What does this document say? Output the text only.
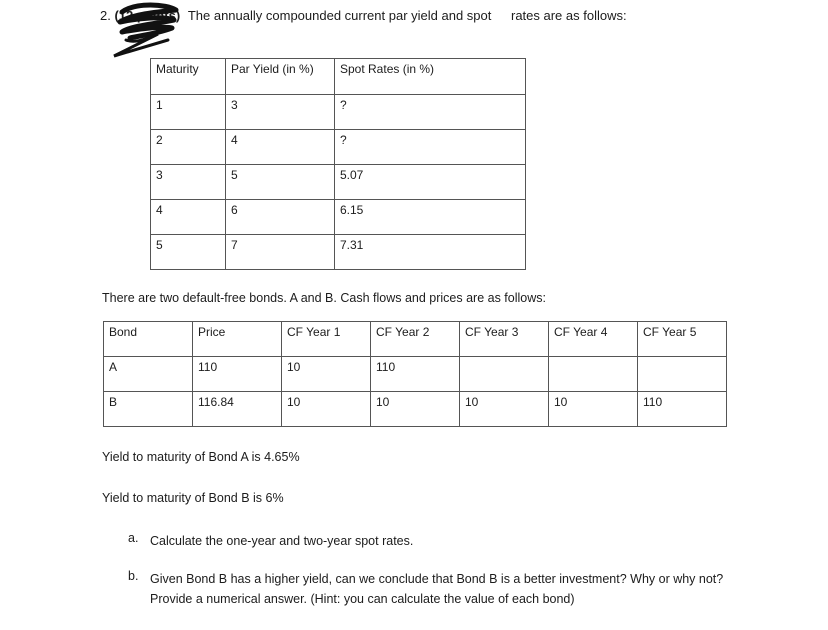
2. (12 points) The annually compounded current par yield and spot rates are as follows:
Maturity	Par Yield (in %)	Spot Rates (in %)
1	3	?
2	4	?
3	5	5.07
4	6	6.15
5	7	7.31
There are two default-free bonds. A and B. Cash flows and prices are as follows:
Bond	Price	CF Year 1	CF Year 2	CF Year 3	CF Year 4	CF Year 5
A	110	10	110			
B	116.84	10	10	10	10	110
Yield to maturity of Bond A is 4.65%
Yield to maturity of Bond B is 6%
a. Calculate the one-year and two-year spot rates.
b. Given Bond B has a higher yield, can we conclude that Bond B is a better investment? Why or why not? Provide a numerical answer. (Hint: you can calculate the value of each bond)
